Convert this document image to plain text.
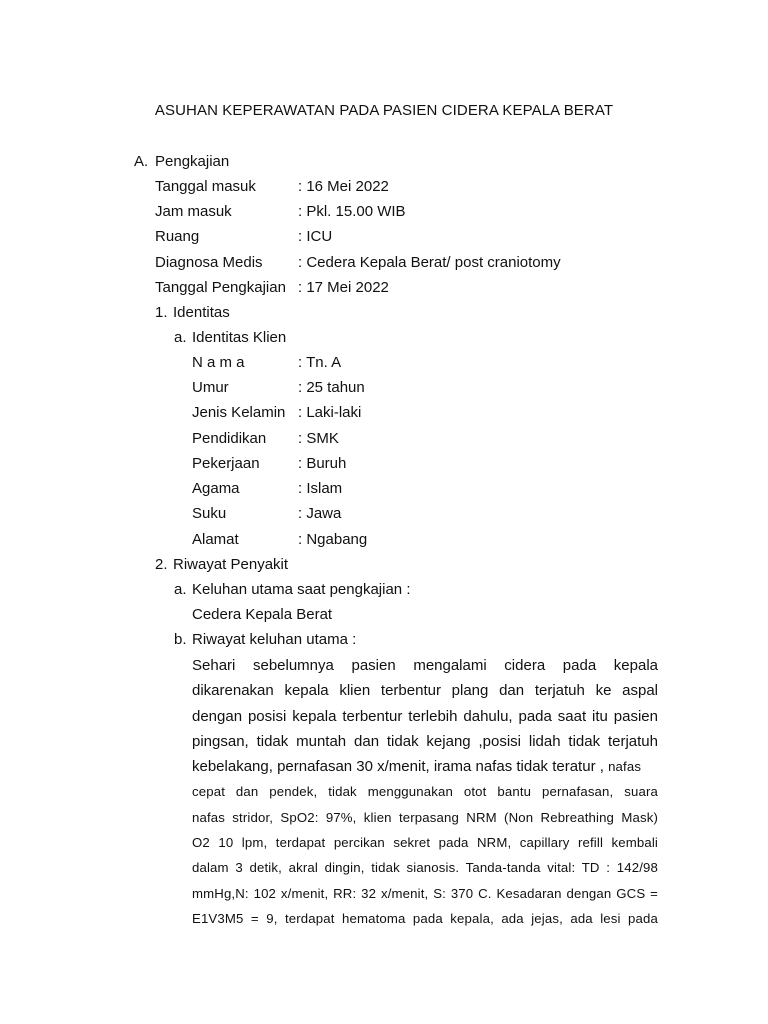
ASUHAN KEPERAWATAN PADA PASIEN CIDERA KEPALA BERAT
A. Pengkajian
Tanggal masuk	: 16 Mei 2022
Jam masuk	: Pkl. 15.00 WIB
Ruang	: ICU
Diagnosa Medis : Cedera Kepala Berat/ post craniotomy
Tanggal Pengkajian : 17 Mei 2022
1. Identitas
a. Identitas Klien
N a m a	: Tn. A
Umur	: 25 tahun
Jenis Kelamin : Laki-laki
Pendidikan : SMK
Pekerjaan	: Buruh
Agama	: Islam
Suku	: Jawa
Alamat	: Ngabang
2. Riwayat Penyakit
a. Keluhan utama saat pengkajian :
Cedera Kepala Berat
b. Riwayat keluhan utama :
Sehari sebelumnya pasien mengalami cidera pada kepala
dikarenakan kepala klien terbentur plang dan terjatuh ke aspal
dengan posisi kepala terbentur terlebih dahulu, pada saat itu pasien
pingsan, tidak muntah dan tidak kejang ,posisi lidah tidak terjatuh
kebelakang, pernafasan 30 x/menit, irama nafas tidak teratur , nafas
cepat dan pendek, tidak menggunakan otot bantu pernafasan, suara
nafas stridor, SpO2: 97%, klien terpasang NRM (Non Rebreathing Mask)
O2 10 lpm, terdapat percikan sekret pada NRM, capillary refill kembali
dalam 3 detik, akral dingin, tidak sianosis. Tanda-tanda vital: TD : 142/98
mmHg,N: 102 x/menit, RR: 32 x/menit, S: 370 C. Kesadaran dengan GCS =
E1V3M5 = 9, terdapat hematoma pada kepala, ada jejas, ada lesi pada
